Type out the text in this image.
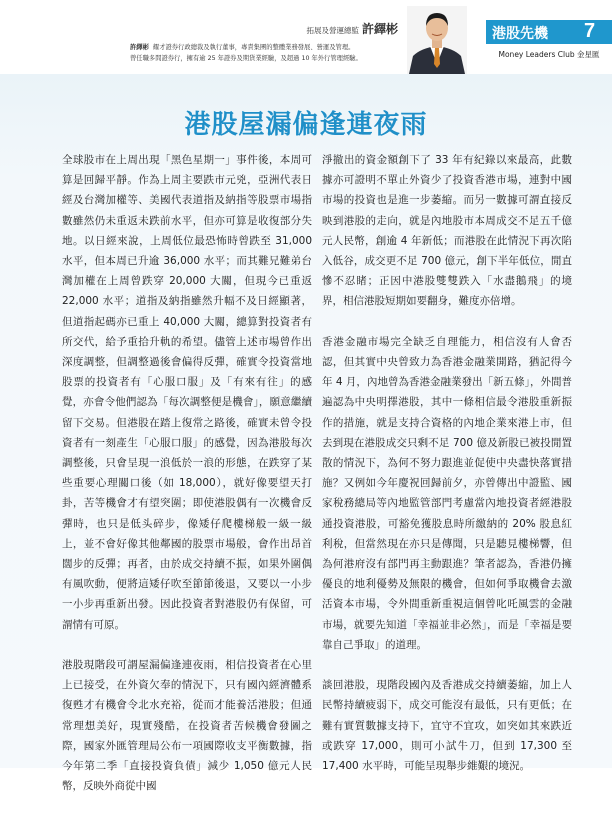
拓展及營運總監 許繹彬
許繹彬 耀才證券行政總裁及執行董事，專責集團的整體業務發展、營運及管理。
曾任職多間證券行，擁有逾 25 年證券及期貨業經驗，及超過 10 年外行管理經驗。
港股先機 7
Money Leaders Club 金星匯
港股屋漏偏逢連夜雨

全球股市在上周出現「黑色星期一」事件後，本周可算是回歸平靜。作為上周主要跌市元兇，亞洲代表日經及台灣加權等、美國代表道指及納指等股票市場指數雖然仍未重返未跌前水平，但亦可算是收復部分失地。以日經來說，上周低位最恐怖時曾跌至 31,000 水平，但本周已升逾 36,000 水平；而其難兄難弟台灣加權在上周曾跌穿 20,000 大關，但現今已重返 22,000 水平；道指及納指雖然升幅不及日經顯著，但道指起碼亦已重上 40,000 大關，總算對投資者有所交代，給予重拾升軌的希望。儘管上述市場曾作出深度調整，但調整過後會偏得反彈，確實令投資當地股票的投資者有「心服口服」及「有來有往」的感覺，亦會令他們認為「每次調整便是機會」，願意繼續留下交易。但港股在踏上復常之路後，確實未曾令投資者有一刻產生「心服口服」的感覺，因為港股每次調整後，只會呈現一浪低於一浪的形態，在跌穿了某些重要心理關口後（如 18,000），就好像要望天打卦，苦等機會才有望突圍；即使港股偶有一次機會反彈時，也只是低头碎步，像矮仔爬樓梯般一級一級上，並不會好像其他鄰國的股票市場般，會作出昂首闊步的反彈；再者，由於成交持續不振，如果外圍偶有風吹動，便將這矮仔吹至節節後退，又要以一小步一小步再重新出發。因此投資者對港股仍有保留，可謂情有可原。

港股現階段可謂屋漏偏逢連夜雨，相信投資者在心里上已接受，在外資欠奉的情況下，只有國內經濟體系復甦才有機會令北水充裕，從而才能養活港股；但通常理想美好，現實殘酷，在投資者苦候機會發圖之際，國家外匯管理局公布一項國際收支平衡數據，指今年第二季「直接投資負債」減少 1,050 億元人民幣，反映外商從中國

淨撤出的資金額創下了 33 年有紀錄以來最高，此數據亦可證明不單止外資少了投資香港市場，連對中國市場的投資也是進一步萎縮。而另一數據可謂直接反映到港股的走向，就是內地股市本周成交不足五千億元人民幣，創逾 4 年新低；而港股在此情況下再次陷入低谷，成交更不足 700 億元，創下半年低位，閒直慘不忍睹；正因中港股雙雙跌入「水盡鵝飛」的境界，相信港股短期如要翻身，難度亦倍增。

香港金融市場完全缺乏自理能力，相信沒有人會否認，但其實中央曾致力為香港金融業開路，猶記得今年 4 月，內地曾為香港金融業發出「新五條」，外間普遍認為中央明擇港股，其中一條相信最令港股重新振作的措施，就是支持合資格的內地企業來港上市，但去到現在港股成交只剩不足 700 億及新股已被投閒置散的情況下，為何不努力跟進並促使中央盡快落實措施？又例如今年慶祝回歸前夕，亦曾傳出中證監、國家稅務總局等內地監管部門考慮當內地投資者經港股通投資港股，可豁免獲股息時所繳納的 20% 股息紅利稅，但當然現在亦只是傳聞，只是聽見樓梯響，但為何港府沒有部門再主動跟進？筆者認為，香港仍擁優良的地利優勢及無限的機會，但如何爭取機會去激活資本市場，令外間重新重視這個曾叱吒風雲的金融市場，就要先知道「幸福並非必然」，而是「幸福是要靠自己爭取」的道理。

談回港股，現階段國內及香港成交持續萎縮，加上人民幣持續疲弱下，成交可能沒有最低，只有更低；在難有實質數據支持下，宜守不宜攻，如突如其來跌近或跌穿 17,000，則可小試牛刀，但到 17,300 至 17,400 水平時，可能呈現舉步維艱的境況。
